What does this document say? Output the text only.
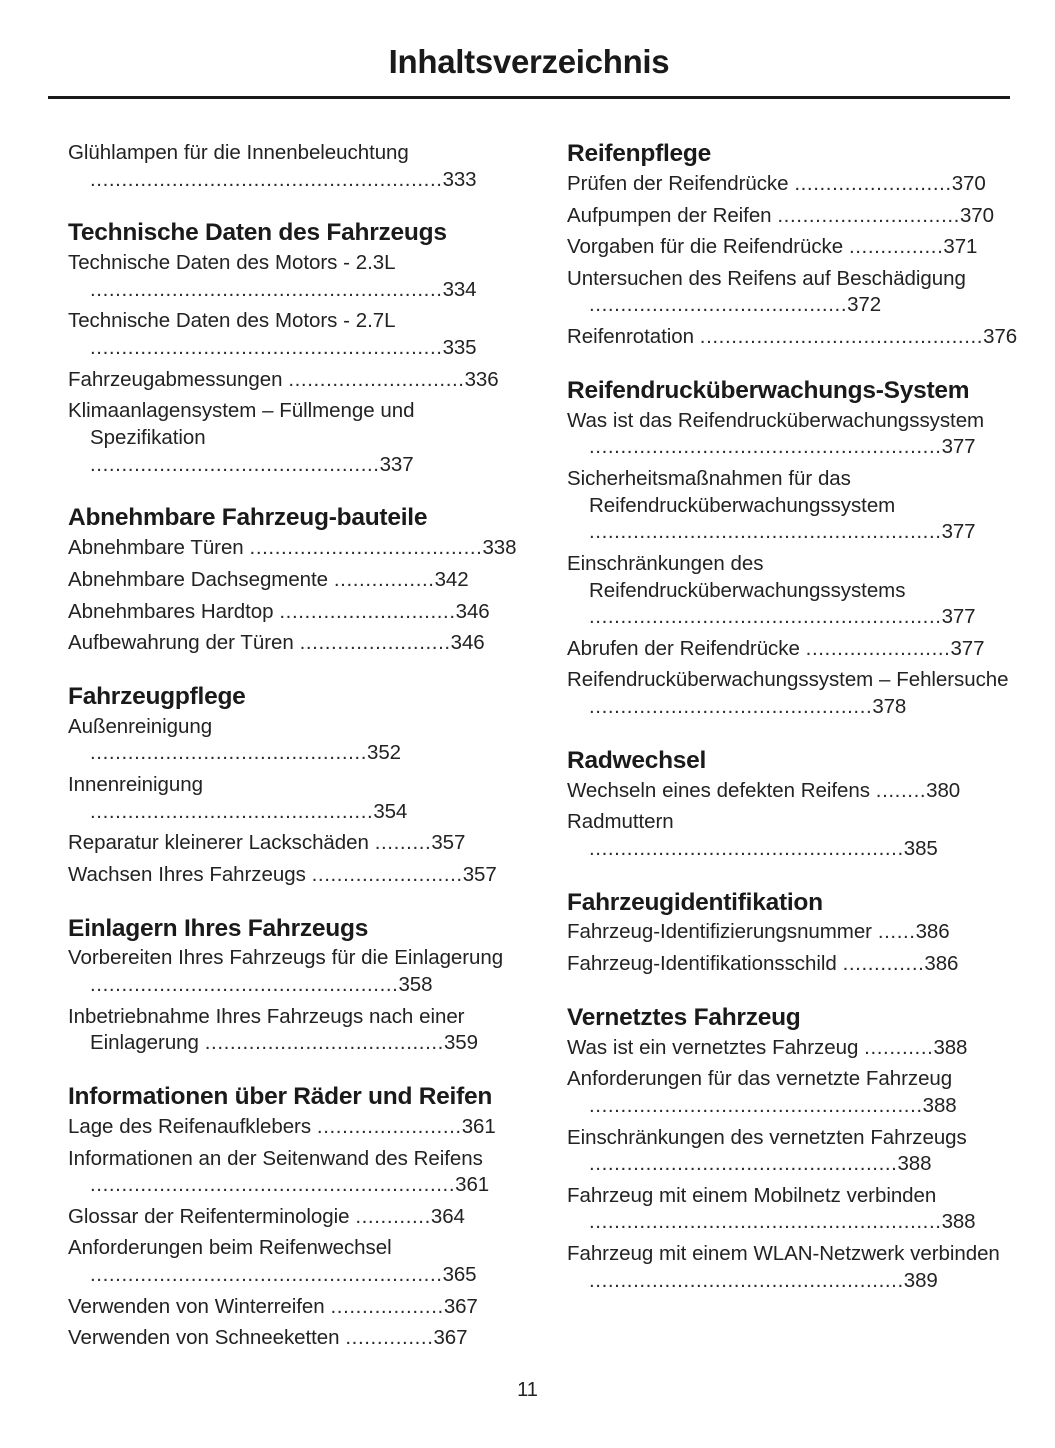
Inhaltsverzeichnis
Glühlampen für die Innenbeleuchtung
........................................................333
Technische Daten des Fahrzeugs
Technische Daten des Motors - 2.3L
........................................................334
Technische Daten des Motors - 2.7L
........................................................335
Fahrzeugabmessungen ............................336
Klimaanlagensystem – Füllmenge und Spezifikation ..............................................337
Abnehmbare Fahrzeug-bauteile
Abnehmbare Türen .....................................338
Abnehmbare Dachsegmente ................342
Abnehmbares Hardtop ............................346
Aufbewahrung der Türen ........................346
Fahrzeugpflege
Außenreinigung ............................................352
Innenreinigung .............................................354
Reparatur kleinerer Lackschäden .........357
Wachsen Ihres Fahrzeugs ........................357
Einlagern Ihres Fahrzeugs
Vorbereiten Ihres Fahrzeugs für die Einlagerung .................................................358
Inbetriebnahme Ihres Fahrzeugs nach einer Einlagerung ......................................359
Informationen über Räder und Reifen
Lage des Reifenaufklebers .......................361
Informationen an der Seitenwand des Reifens ..........................................................361
Glossar der Reifenterminologie ............364
Anforderungen beim Reifenwechsel
........................................................365
Verwenden von Winterreifen ..................367
Verwenden von Schneeketten ..............367
Reifenpflege
Prüfen der Reifendrücke .........................370
Aufpumpen der Reifen .............................370
Vorgaben für die Reifendrücke ...............371
Untersuchen des Reifens auf Beschädigung .........................................372
Reifenrotation .............................................376
Reifendrucküberwachungs-System
Was ist das Reifendrucküberwachungssystem
........................................................377
Sicherheitsmaßnahmen für das Reifendrucküberwachungssystem
........................................................377
Einschränkungen des Reifendrucküberwachungssystems
........................................................377
Abrufen der Reifendrücke .......................377
Reifendrucküberwachungssystem – Fehlersuche .............................................378
Radwechsel
Wechseln eines defekten Reifens ........380
Radmuttern ..................................................385
Fahrzeugidentifikation
Fahrzeug-Identifizierungsnummer ......386
Fahrzeug-Identifikationsschild .............386
Vernetztes Fahrzeug
Was ist ein vernetztes Fahrzeug ...........388
Anforderungen für das vernetzte Fahrzeug .....................................................388
Einschränkungen des vernetzten Fahrzeugs .................................................388
Fahrzeug mit einem Mobilnetz verbinden
........................................................388
Fahrzeug mit einem WLAN-Netzwerk verbinden ..................................................389
11
